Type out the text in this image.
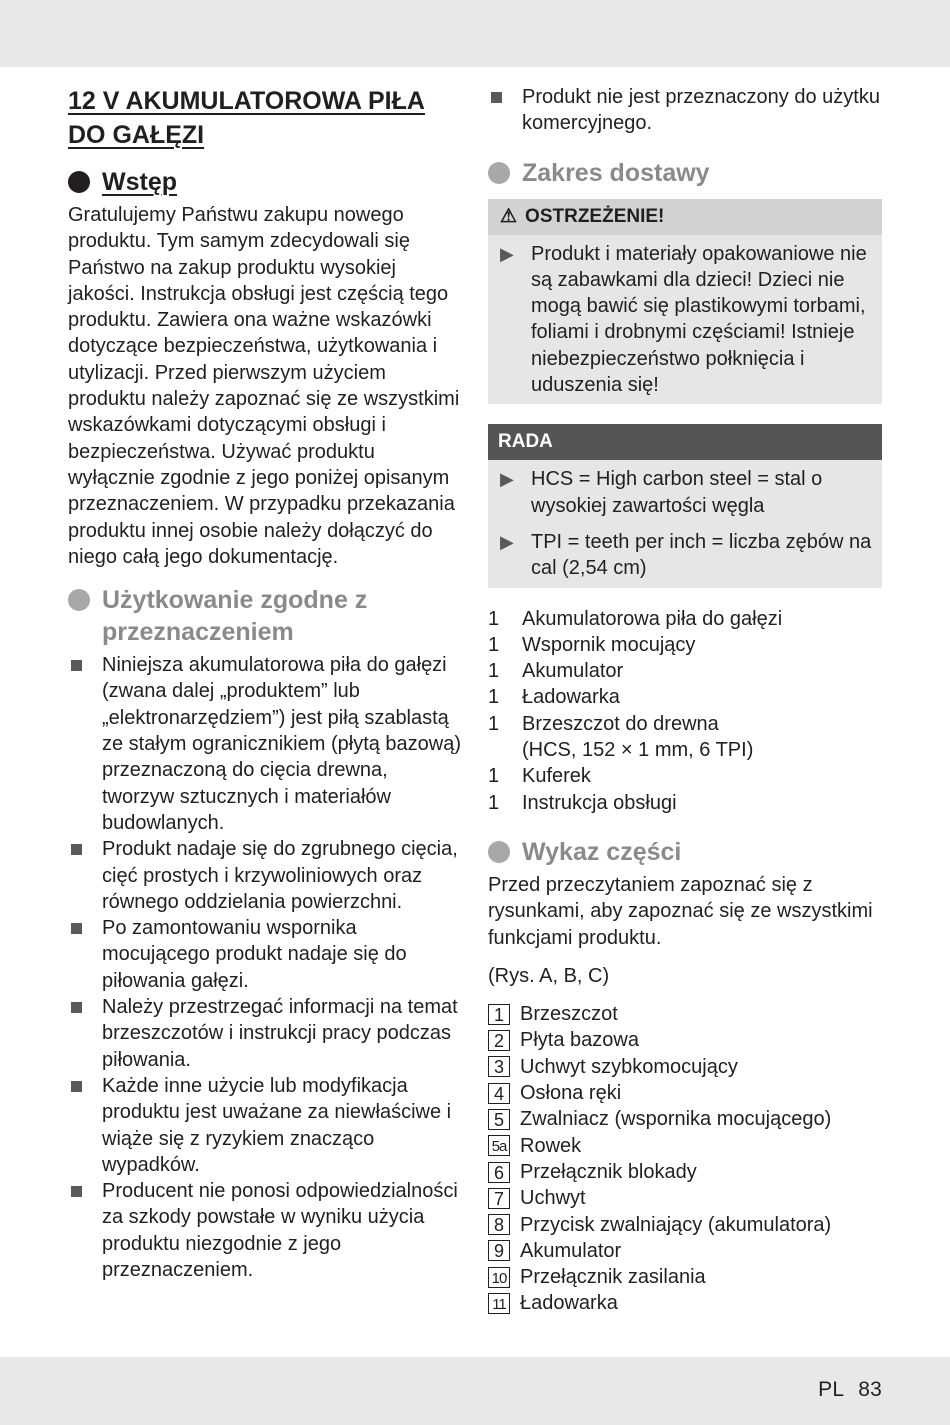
12 V AKUMULATOROWA PIŁA
DO GAŁĘZI
Wstęp

Gratulujemy Państwu zakupu nowego produktu. Tym samym zdecydowali się Państwo na zakup produktu wysokiej jakości. Instrukcja obsługi jest częścią tego produktu. Zawiera ona ważne wskazówki dotyczące bezpieczeństwa, użytkowania i utylizacji. Przed pierwszym użyciem produktu należy zapoznać się ze wszystkimi wskazówkami dotyczącymi obsługi i bezpieczeństwa. Używać produktu wyłącznie zgodnie z jego poniżej opisanym przeznaczeniem. W przypadku przekazania produktu innej osobie należy dołączyć do niego całą jego dokumentację.

Użytkowanie zgodne z
przeznaczeniem
Niniejsza akumulatorowa piła do gałęzi (zwana dalej „produktem” lub „elektronarzędziem”) jest piłą szablastą ze stałym ogranicznikiem (płytą bazową) przeznaczoną do cięcia drewna, tworzyw sztucznych i materiałów budowlanych.
Produkt nadaje się do zgrubnego cięcia, cięć prostych i krzywoliniowych oraz równego oddzielania powierzchni.
Po zamontowaniu wspornika mocującego produkt nadaje się do piłowania gałęzi.
Należy przestrzegać informacji na temat brzeszczotów i instrukcji pracy podczas piłowania.
Każde inne użycie lub modyfikacja produktu jest uważane za niewłaściwe i wiąże się z ryzykiem znacząco wypadków.
Producent nie ponosi odpowiedzialności za szkody powstałe w wyniku użycia produktu niezgodnie z jego przeznaczeniem.
Produkt nie jest przeznaczony do użytku komercyjnego.
Zakres dostawy
⚠ OSTRZEŻENIE!
▶ Produkt i materiały opakowaniowe nie są zabawkami dla dzieci! Dzieci nie mogą bawić się plastikowymi torbami, foliami i drobnymi częściami! Istnieje niebezpieczeństwo połknięcia i uduszenia się!
RADA
▶ HCS = High carbon steel = stal o wysokiej zawartości węgla
▶ TPI = teeth per inch = liczba zębów na cal (2,54 cm)
1	Akumulatorowa piła do gałęzi
1	Wspornik mocujący
1	Akumulator
1	Ładowarka
1	Brzeszczot do drewna
(HCS, 152 × 1 mm, 6 TPI)
1	Kuferek
1	Instrukcja obsługi
Wykaz części

Przed przeczytaniem zapoznać się z rysunkami, aby zapoznać się ze wszystkimi funkcjami produktu.

(Rys. A, B, C)

1 Brzeszczot
2 Płyta bazowa
3 Uchwyt szybkomocujący
4 Osłona ręki
5 Zwalniacz (wspornika mocującego)
5a Rowek
6 Przełącznik blokady
7 Uchwyt
8 Przycisk zwalniający (akumulatora)
9 Akumulator
10 Przełącznik zasilania
11 Ładowarka
PL 83
